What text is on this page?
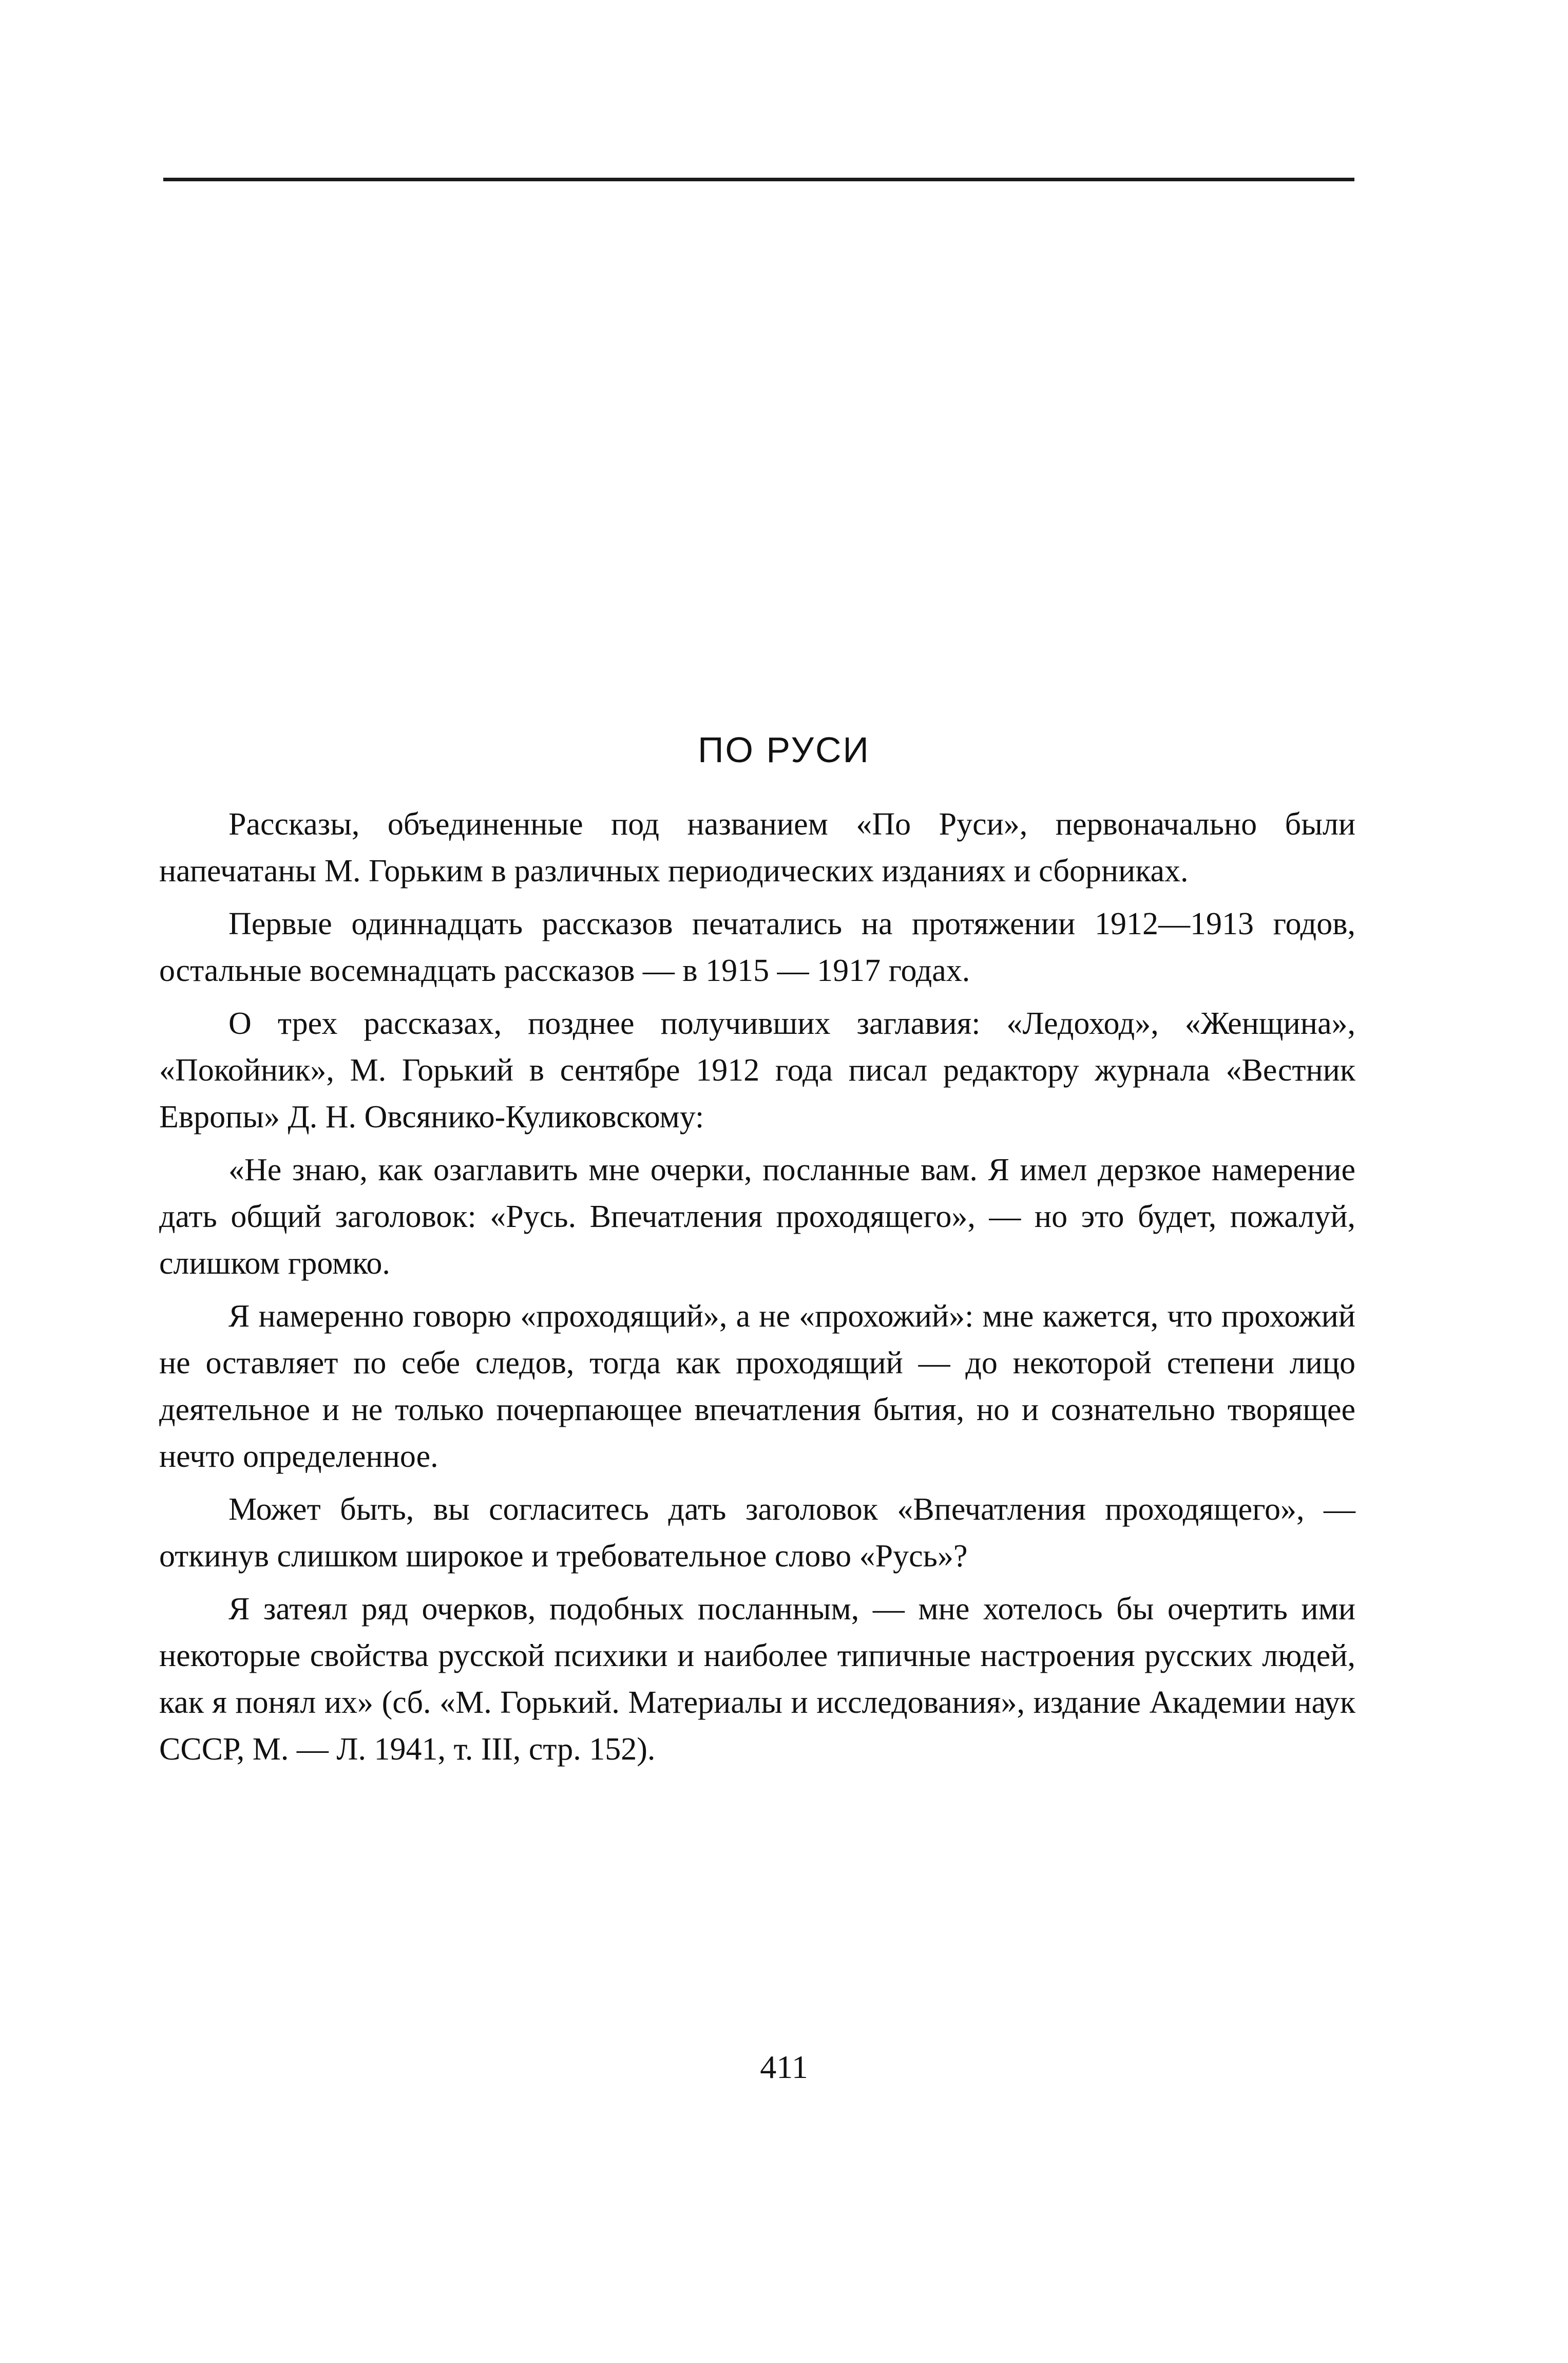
ПО РУСИ

Рассказы, объединенные под названием «По Руси», первоначально были напечатаны М. Горьким в различных периодических изданиях и сборниках.

Первые одиннадцать рассказов печатались на протяжении 1912—1913 годов, остальные восемнадцать рассказов — в 1915 — 1917 годах.

О трех рассказах, позднее получивших заглавия: «Ледоход», «Женщина», «Покойник», М. Горький в сентябре 1912 года писал редактору журнала «Вестник Европы» Д. Н. Овсянико-Куликовскому:

«Не знаю, как озаглавить мне очерки, посланные вам. Я имел дерзкое намерение дать общий заголовок: «Русь. Впечатления проходящего», — но это будет, пожалуй, слишком громко.

Я намеренно говорю «проходящий», а не «прохожий»: мне кажется, что прохожий не оставляет по себе следов, тогда как проходящий — до некоторой степени лицо деятельное и не только почерпающее впечатления бытия, но и сознательно творящее нечто определенное.

Может быть, вы согласитесь дать заголовок «Впечатления проходящего», — откинув слишком широкое и требовательное слово «Русь»?

Я затеял ряд очерков, подобных посланным, — мне хотелось бы очертить ими некоторые свойства русской психики и наиболее типичные настроения русских людей, как я понял их» (сб. «М. Горький. Материалы и исследования», издание Академии наук СССР, М. — Л. 1941, т. III, стр. 152).

411
